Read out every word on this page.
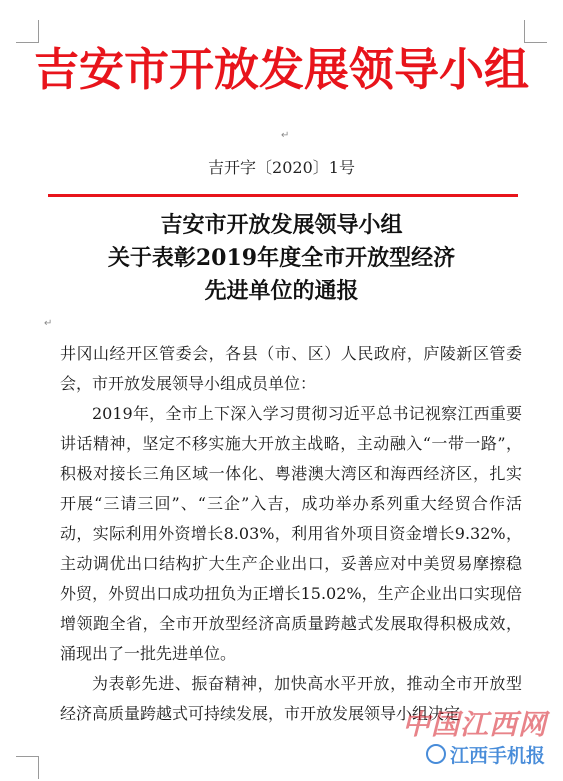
吉安市开放发展领导小组
↵
吉开字〔2020〕1号
吉安市开放发展领导小组
关于表彰2019年度全市开放型经济
先进单位的通报
↵

井冈山经开区管委会，各县（市、区）人民政府，庐陵新区管委会，市开放发展领导小组成员单位：

2019年，全市上下深入学习贯彻习近平总书记视察江西重要讲话精神，坚定不移实施大开放主战略，主动融入“一带一路”，积极对接长三角区域一体化、粤港澳大湾区和海西经济区，扎实开展“三请三回”、“三企”入吉，成功举办系列重大经贸合作活动，实际利用外资增长8.03%，利用省外项目资金增长9.32%，主动调优出口结构扩大生产企业出口，妥善应对中美贸易摩擦稳外贸，外贸出口成功扭负为正增长15.02%，生产企业出口实现倍增领跑全省，全市开放型经济高质量跨越式发展取得积极成效，涌现出了一批先进单位。

为表彰先进、振奋精神，加快高水平开放，推动全市开放型经济高质量跨越式可持续发展，市开放发展领导小组决定

中国江西网
江西手机报
